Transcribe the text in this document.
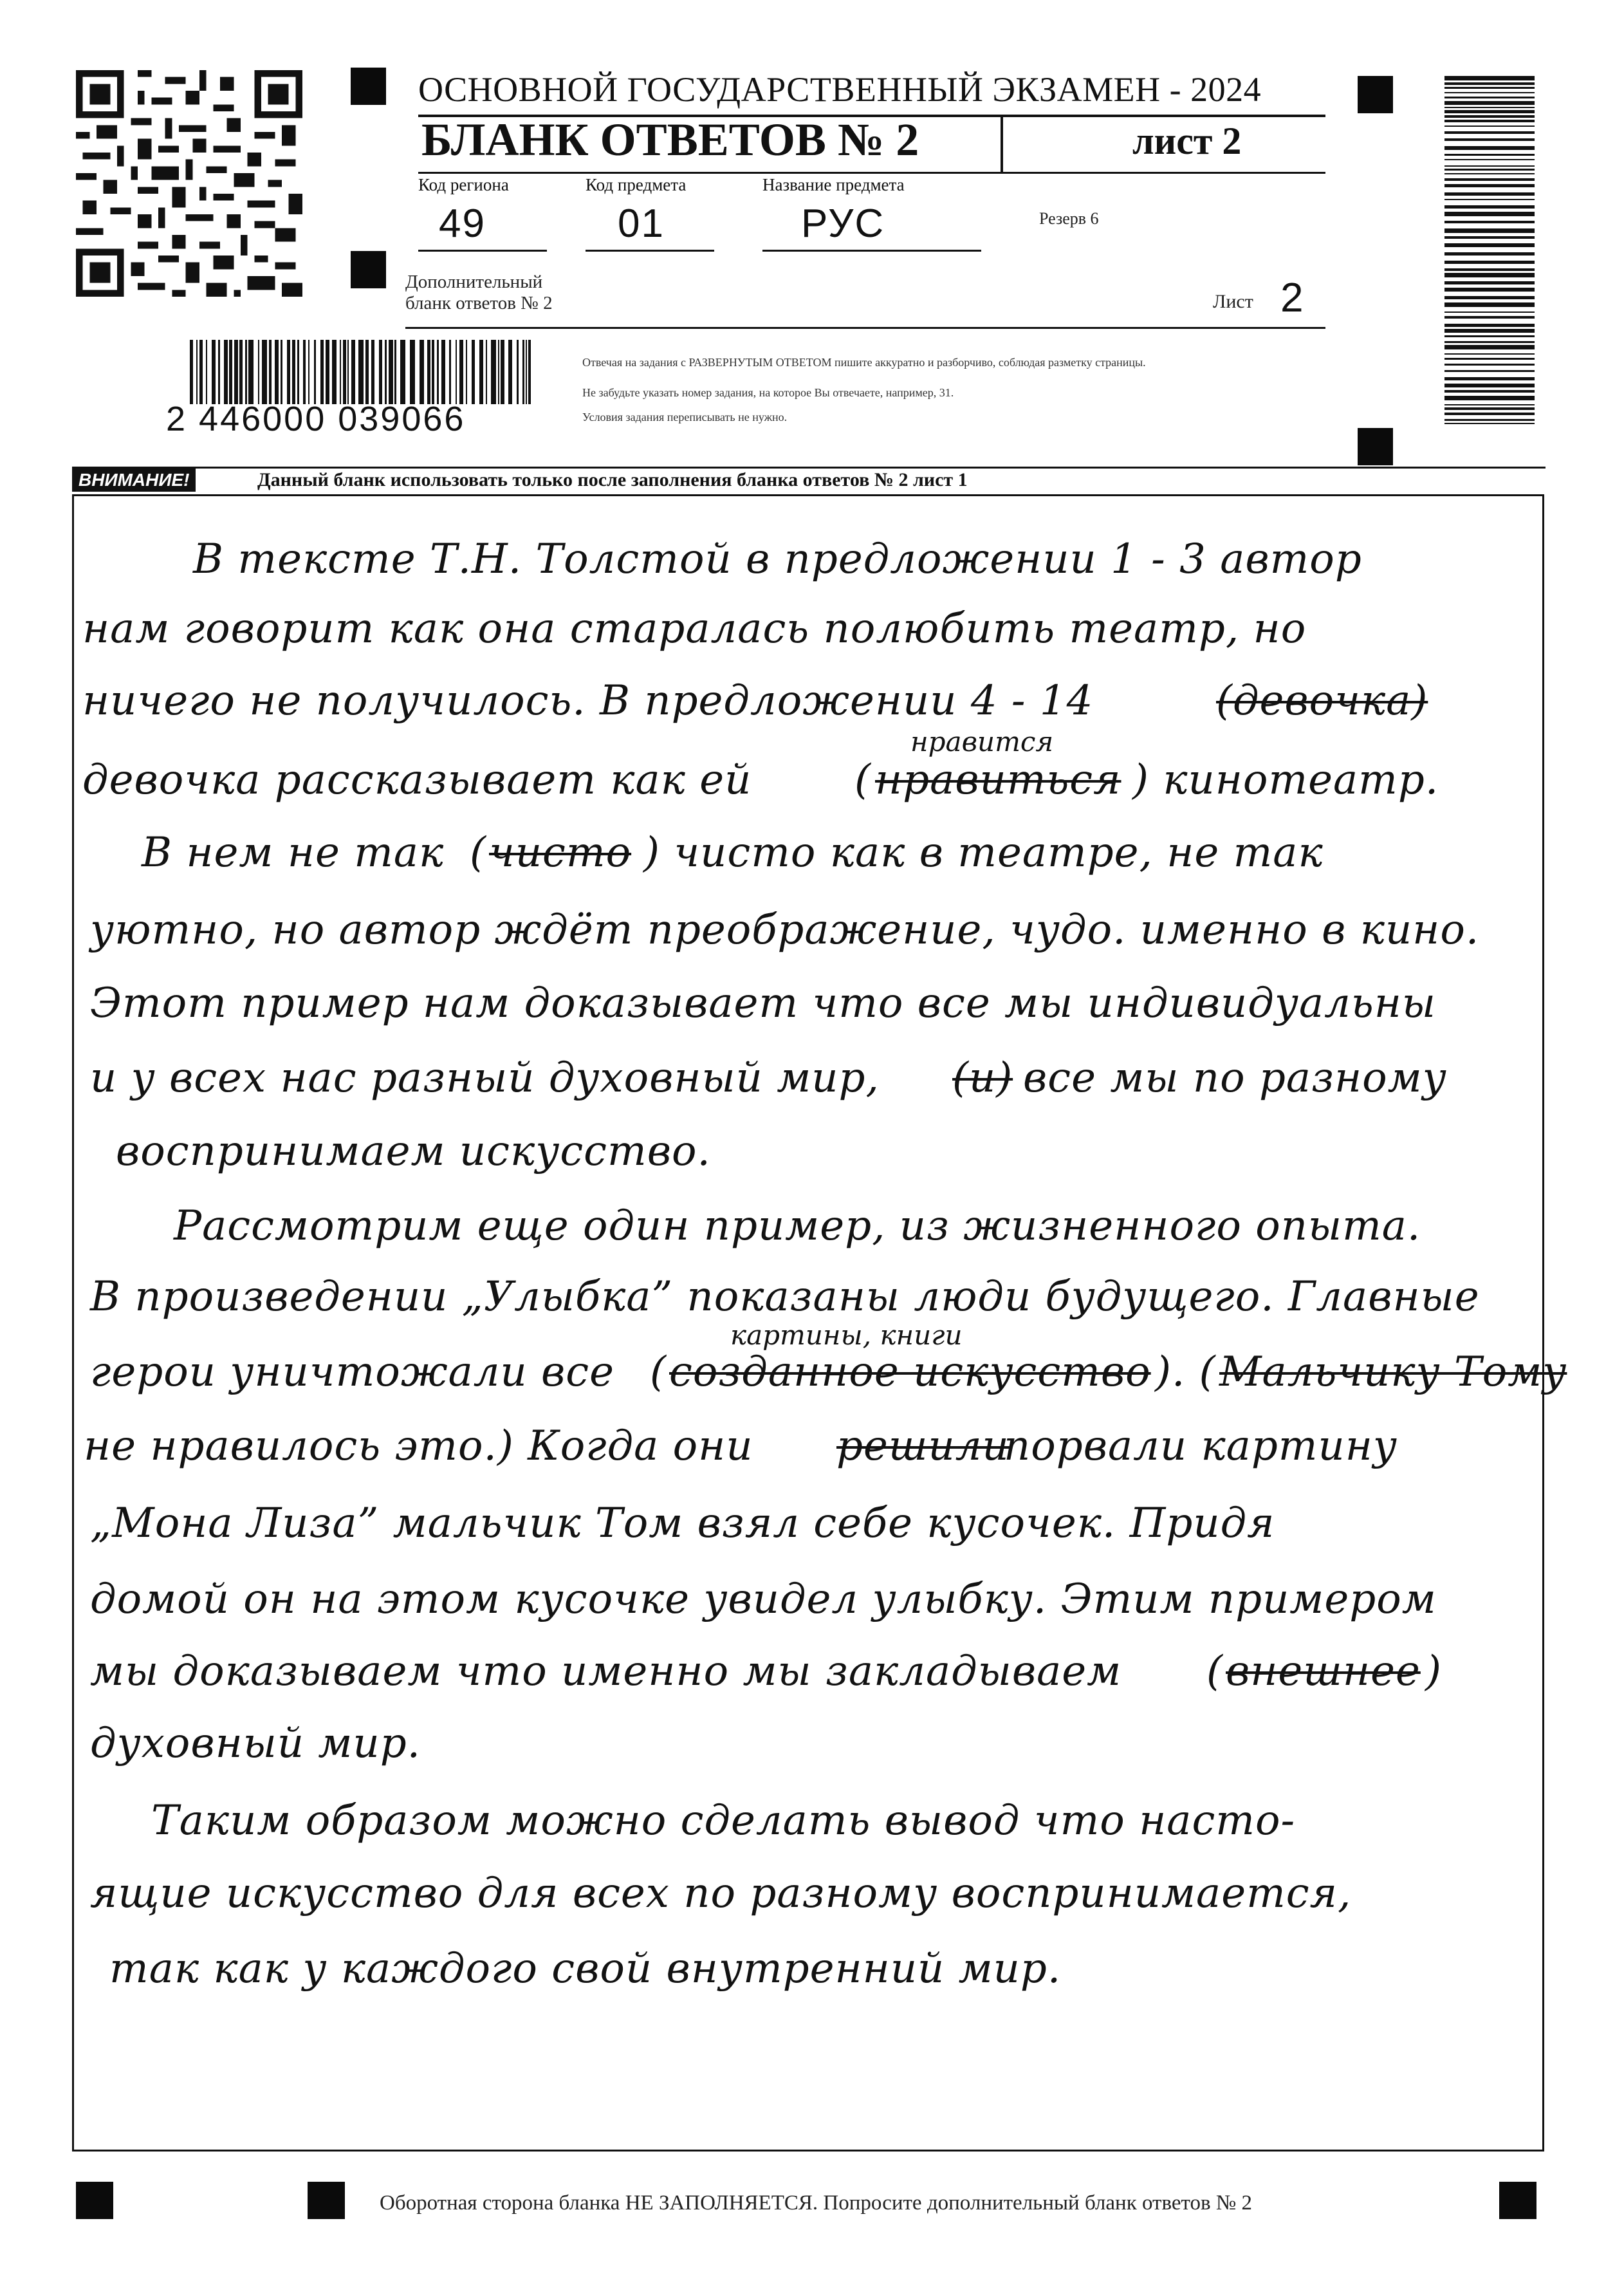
ОСНОВНОЙ ГОСУДАРСТВЕННЫЙ ЭКЗАМЕН - 2024
БЛАНК ОТВЕТОВ № 2	лист 2
Код региона
49
Код предмета
01
Название предмета
РУС	Резерв 6
Дополнительный
бланк ответов № 2	Лист 2
2 446000 039066
Отвечая на задания с РАЗВЕРНУТЫМ ОТВЕТОМ пишите аккуратно и разборчиво, соблюдая разметку страницы.
Не забудьте указать номер задания, на которое Вы отвечаете, например, 31.
Условия задания переписывать не нужно.
ВНИМАНИЕ!	Данный бланк использовать только после заполнения бланка ответов № 2 лист 1
В тексте Т.Н. Толстой в предложении 1 - 3 автор
нам говорит как она старалась полюбить театр, но
ничего не получилось. В предложении 4 - 14	(девочка)
нравится
девочка рассказывает как ей ( нравиться ) кинотеатр.
В нем не так ( чисто ) чисто как в театре, не так
уютно, но автор ждёт преображение, чудо. именно в кино.
Этот пример нам доказывает что все мы индивидуальны
и у всех нас разный духовный мир, (и) все мы по разному
воспринимаем искусство.
Рассмотрим еще один пример, из жизненного опыта.
В произведении „Улыбка” показаны люди будущего. Главные
картины, книги
герои уничтожали все ( созданное искусство ). ( Мальчику Тому
не нравилось это.) Когда они решили
порвали картину
„Мона Лиза” мальчик Том взял себе кусочек. Придя
домой он на этом кусочке увидел улыбку. Этим примером
мы доказываем что именно мы закладываем ( внешнее )
духовный мир.
Таким образом можно сделать вывод что насто-
ящие искусство для всех по разному воспринимается,
так как у каждого свой внутренний мир.
Оборотная сторона бланка НЕ ЗАПОЛНЯЕТСЯ. Попросите дополнительный бланк ответов № 2
